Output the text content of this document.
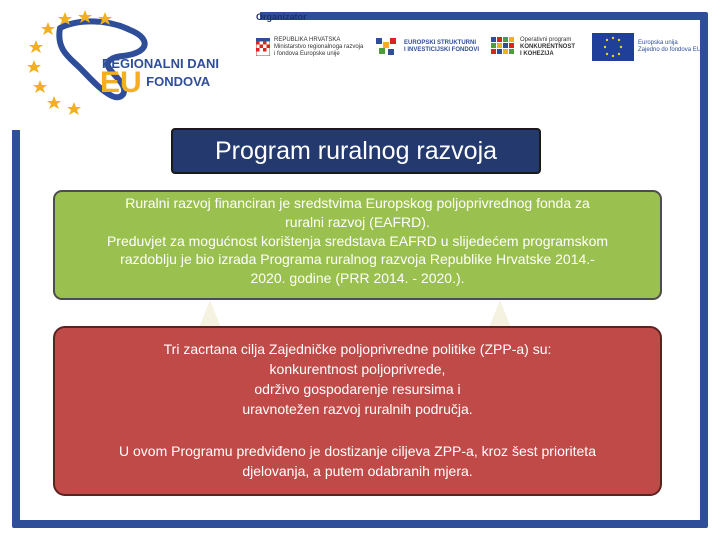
REGIONALNI DANI
EU $^{FONDOVA}$
Organizator
REPUBLIKA HRVATSKA
Ministarstvo regionalnoga razvoja
i fondova Europske unije
EUROPSKI STRUKTURNI
I INVESTICIJSKI FONDOVI
Operativni program
KONKURENTNOST
I KOHEZIJA
Europska unija
Zajedno do fondova EU
Program ruralnog razvoja
Ruralni razvoj financiran je sredstvima Europskog poljoprivrednog fonda za
ruralni razvoj (EAFRD).
Preduvjet za mogućnost korištenja sredstava EAFRD u slijedećem programskom
razdoblju je bio izrada Programa ruralnog razvoja Republike Hrvatske 2014.-
2020. godine (PRR 2014. - 2020.).

Tri zacrtana cilja Zajedničke poljoprivredne politike (ZPP-a) su:

konkurentnost poljoprivrede,

održivo gospodarenje resursima i

uravnotežen razvoj ruralnih područja.

U ovom Programu predviđeno je dostizanje ciljeva ZPP-a, kroz šest prioriteta

djelovanja, a putem odabranih mjera.
